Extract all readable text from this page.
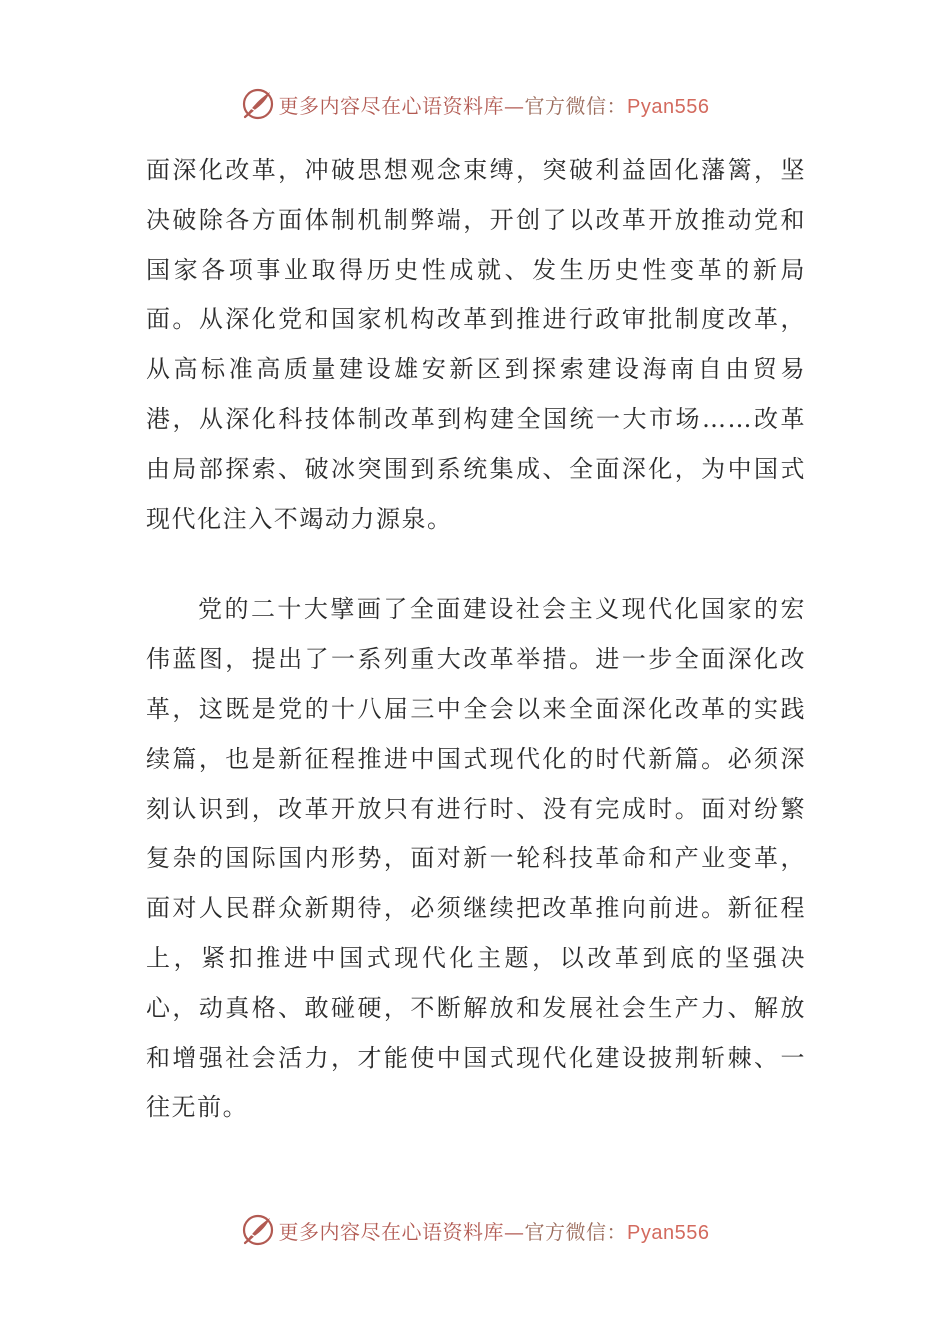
更多内容尽在心语资料库—官方微信：Pyan556

面深化改革，冲破思想观念束缚，突破利益固化藩篱，坚决破除各方面体制机制弊端，开创了以改革开放推动党和国家各项事业取得历史性成就、发生历史性变革的新局面。从深化党和国家机构改革到推进行政审批制度改革，从高标准高质量建设雄安新区到探索建设海南自由贸易港，从深化科技体制改革到构建全国统一大市场……改革由局部探索、破冰突围到系统集成、全面深化，为中国式现代化注入不竭动力源泉。

党的二十大擘画了全面建设社会主义现代化国家的宏伟蓝图，提出了一系列重大改革举措。进一步全面深化改革，这既是党的十八届三中全会以来全面深化改革的实践续篇，也是新征程推进中国式现代化的时代新篇。必须深刻认识到，改革开放只有进行时、没有完成时。面对纷繁复杂的国际国内形势，面对新一轮科技革命和产业变革，面对人民群众新期待，必须继续把改革推向前进。新征程上，紧扣推进中国式现代化主题，以改革到底的坚强决心，动真格、敢碰硬，不断解放和发展社会生产力、解放和增强社会活力，才能使中国式现代化建设披荆斩棘、一往无前。

更多内容尽在心语资料库—官方微信：Pyan556
